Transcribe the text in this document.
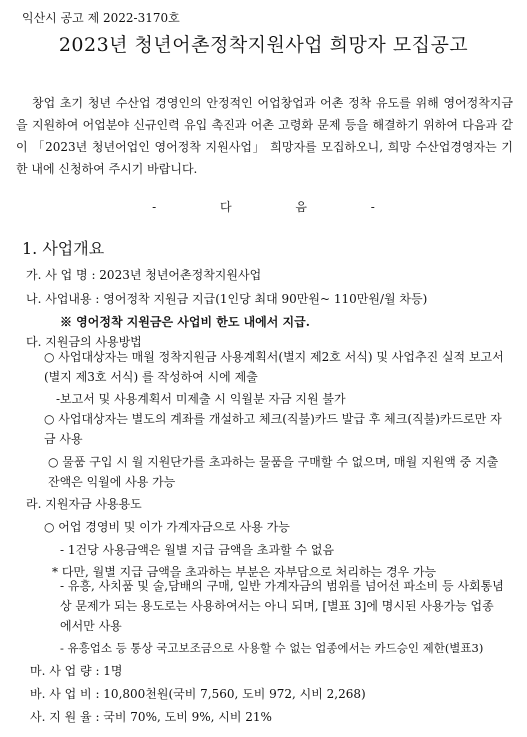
익산시 공고 제 2022-3170호
2023년 청년어촌정착지원사업 희망자 모집공고
창업 초기 청년 수산업 경영인의 안정적인 어업창업과 어촌 정착 유도를 위해 영어정착지금을 지원하여 어업분야 신규인력 유입 촉진과 어촌 고령화 문제 등을 해결하기 위하여 다음과 같이 「2023년 청년어업인 영어정착 지원사업」 희망자를 모집하오니, 희망 수산업경영자는 기한 내에 신청하여 주시기 바랍니다.
- 다 음 -
1. 사업개요
가. 사 업 명 : 2023년 청년어촌정착지원사업
나. 사업내용 : 영어정착 지원금 지급(1인당 최대 90만원~ 110만원/월 차등)
※ 영어정착 지원금은 사업비 한도 내에서 지급.
다. 지원금의 사용방법
○ 사업대상자는 매월 정착지원금 사용계획서(별지 제2호 서식) 및 사업추진 실적 보고서(별지 제3호 서식) 를 작성하여 시에 제출
-보고서 및 사용계획서 미제출 시 익월분 자금 지원 불가
○ 사업대상자는 별도의 계좌를 개설하고 체크(직불)카드 발급 후 체크(직불)카드로만 자금 사용
○ 물품 구입 시 월 지원단가를 초과하는 물품을 구매할 수 없으며, 매월 지원액 중 지출잔액은 익월에 사용 가능
라. 지원자금 사용용도
○ 어업 경영비 및 이가 가계자금으로 사용 가능
- 1건당 사용금액은 월별 지급 금액을 초과할 수 없음
* 다만, 월별 지급 금액을 초과하는 부분은 자부담으로 처리하는 경우 가능
- 유흥, 사치품 및 술,담배의 구매, 일반 가계자금의 범위를 넘어선 파소비 등 사회통념상 문제가 되는 용도로는 사용하여서는 아니 되며, [별표 3]에 명시된 사용가능 업종에서만 사용
- 유흥업소 등 통상 국고보조금으로 사용할 수 없는 업종에서는 카드승인 제한(별표3)
마. 사 업 량 : 1명
바. 사 업 비 : 10,800천원(국비 7,560, 도비 972, 시비 2,268)
사. 지 원 율 : 국비 70%, 도비 9%, 시비 21%
